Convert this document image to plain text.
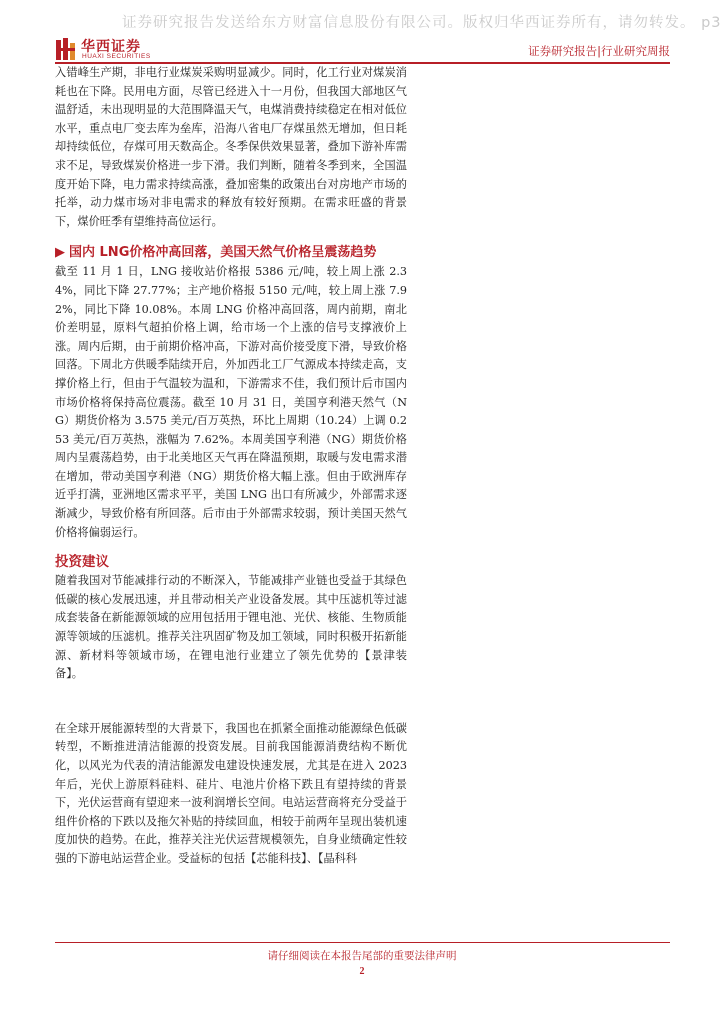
证券研究报告发送给东方财富信息股份有限公司。版权归华西证券所有，请勿转发。 p3
华西证券
HUAXI SECURITIES	证券研究报告|行业研究周报

入错峰生产期，非电行业煤炭采购明显减少。同时，化工行业对煤炭消耗也在下降。民用电方面，尽管已经进入十一月份，但我国大部地区气温舒适，未出现明显的大范围降温天气，电煤消费持续稳定在相对低位水平，重点电厂变去库为垒库，沿海八省电厂存煤虽然无增加，但日耗却持续低位，存煤可用天数高企。冬季保供效果显著，叠加下游补库需求不足，导致煤炭价格进一步下滑。我们判断，随着冬季到来，全国温度开始下降，电力需求持续高涨，叠加密集的政策出台对房地产市场的托举，动力煤市场对非电需求的释放有较好预期。在需求旺盛的背景下，煤价旺季有望维持高位运行。

▶ 国内 LNG价格冲高回落，美国天然气价格呈震荡趋势

截至 11 月 1 日，LNG 接收站价格报 5386 元/吨，较上周上涨 2.34%，同比下降 27.77%；主产地价格报 5150 元/吨，较上周上涨 7.92%，同比下降 10.08%。本周 LNG 价格冲高回落，周内前期，南北价差明显，原料气超拍价格上调，给市场一个上涨的信号支撑液价上涨。周内后期，由于前期价格冲高，下游对高价接受度下滑，导致价格回落。下周北方供暖季陆续开启，外加西北工厂气源成本持续走高，支撑价格上行，但由于气温较为温和，下游需求不佳，我们预计后市国内市场价格将保持高位震荡。截至 10 月 31 日，美国亨利港天然气（NG）期货价格为 3.575 美元/百万英热，环比上周期（10.24）上调 0.253 美元/百万英热，涨幅为 7.62%。本周美国亨利港（NG）期货价格周内呈震荡趋势，由于北美地区天气再在降温预期，取暖与发电需求潜在增加，带动美国亨利港（NG）期货价格大幅上涨。但由于欧洲库存近乎打满，亚洲地区需求平平，美国 LNG 出口有所减少，外部需求逐渐减少，导致价格有所回落。后市由于外部需求较弱，预计美国天然气价格将偏弱运行。

投资建议

随着我国对节能减排行动的不断深入，节能减排产业链也受益于其绿色低碳的核心发展迅速，并且带动相关产业设备发展。其中压滤机等过滤成套装备在新能源领域的应用包括用于锂电池、光伏、核能、生物质能源等领域的压滤机。推荐关注巩固矿物及加工领域，同时积极开拓新能源、新材料等领域市场，在锂电池行业建立了领先优势的【景津装备】。

在全球开展能源转型的大背景下，我国也在抓紧全面推动能源绿色低碳转型，不断推进清洁能源的投资发展。目前我国能源消费结构不断优化，以风光为代表的清洁能源发电建设快速发展，尤其是在进入 2023 年后，光伏上游原料硅料、硅片、电池片价格下跌且有望持续的背景下，光伏运营商有望迎来一波利润增长空间。电站运营商将充分受益于组件价格的下跌以及拖欠补贴的持续回血，相较于前两年呈现出装机速度加快的趋势。在此，推荐关注光伏运营规模领先，自身业绩确定性较强的下游电站运营企业。受益标的包括【芯能科技】、【晶科科

请仔细阅读在本报告尾部的重要法律声明
2
